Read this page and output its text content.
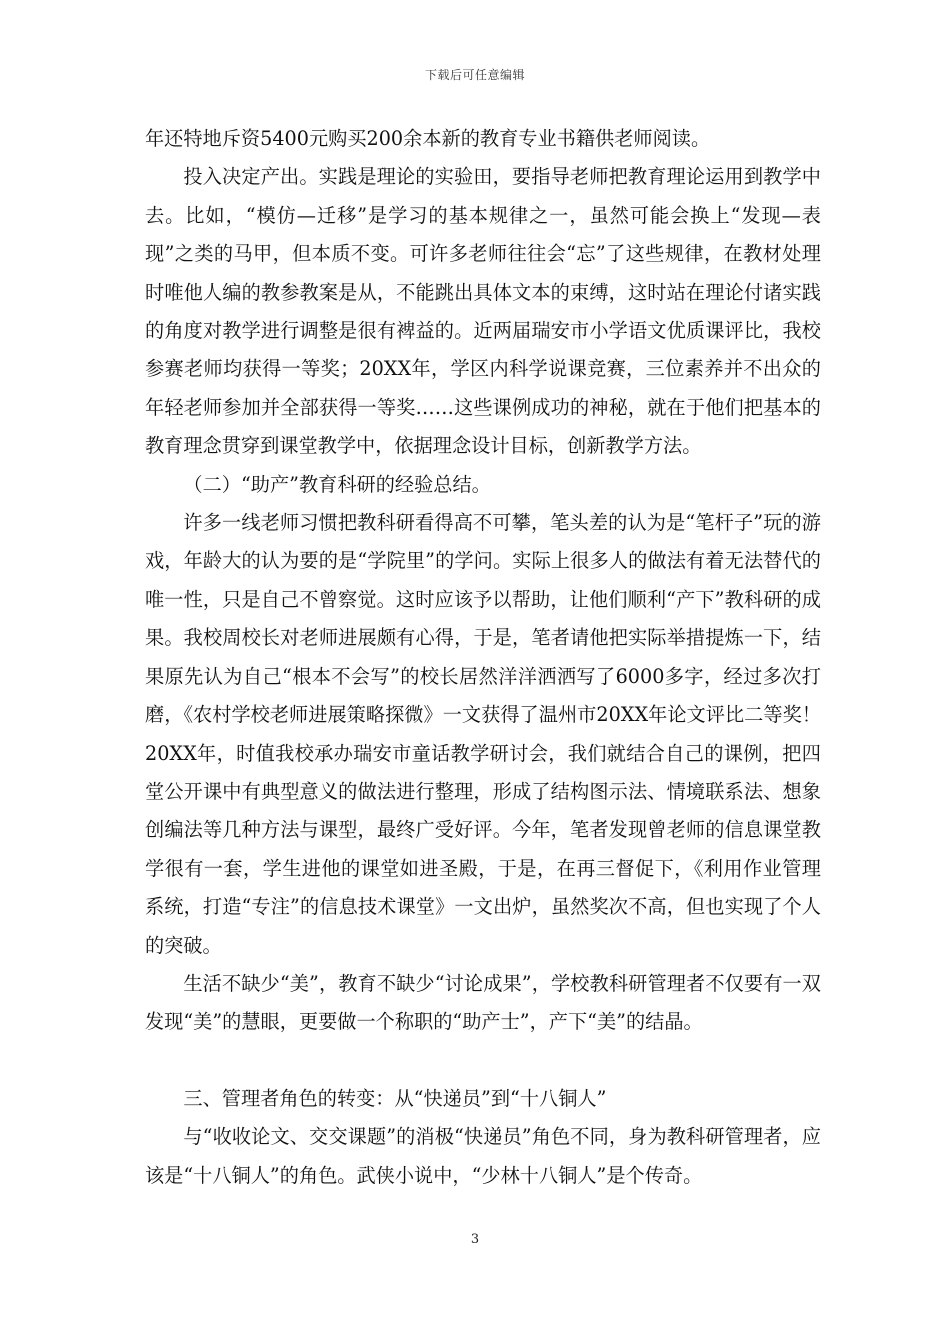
下载后可任意编辑

年还特地斥资5400元购买200余本新的教育专业书籍供老师阅读。

投入决定产出。实践是理论的实验田，要指导老师把教育理论运用到教学中去。比如，“模仿—迁移”是学习的基本规律之一，虽然可能会换上“发现—表现”之类的马甲，但本质不变。可许多老师往往会“忘”了这些规律，在教材处理时唯他人编的教参教案是从，不能跳出具体文本的束缚，这时站在理论付诸实践的角度对教学进行调整是很有裨益的。近两届瑞安市小学语文优质课评比，我校参赛老师均获得一等奖；20XX年，学区内科学说课竞赛，三位素养并不出众的年轻老师参加并全部获得一等奖……这些课例成功的神秘，就在于他们把基本的教育理念贯穿到课堂教学中，依据理念设计目标，创新教学方法。

（二）“助产”教育科研的经验总结。

许多一线老师习惯把教科研看得高不可攀，笔头差的认为是“笔杆子”玩的游戏，年龄大的认为要的是“学院里”的学问。实际上很多人的做法有着无法替代的唯一性，只是自己不曾察觉。这时应该予以帮助，让他们顺利“产下”教科研的成果。我校周校长对老师进展颇有心得，于是，笔者请他把实际举措提炼一下，结果原先认为自己“根本不会写”的校长居然洋洋洒洒写了6000多字，经过多次打磨，《农村学校老师进展策略探微》一文获得了温州市20XX年论文评比二等奖！20XX年，时值我校承办瑞安市童话教学研讨会，我们就结合自己的课例，把四堂公开课中有典型意义的做法进行整理，形成了结构图示法、情境联系法、想象创编法等几种方法与课型，最终广受好评。今年，笔者发现曾老师的信息课堂教学很有一套，学生进他的课堂如进圣殿，于是，在再三督促下，《利用作业管理系统，打造“专注”的信息技术课堂》一文出炉，虽然奖次不高，但也实现了个人的突破。

生活不缺少“美”，教育不缺少“讨论成果”，学校教科研管理者不仅要有一双发现“美”的慧眼，更要做一个称职的“助产士”，产下“美”的结晶。

三、管理者角色的转变：从“快递员”到“十八铜人”

与“收收论文、交交课题”的消极“快递员”角色不同，身为教科研管理者，应该是“十八铜人”的角色。武侠小说中，“少林十八铜人”是个传奇。

3
